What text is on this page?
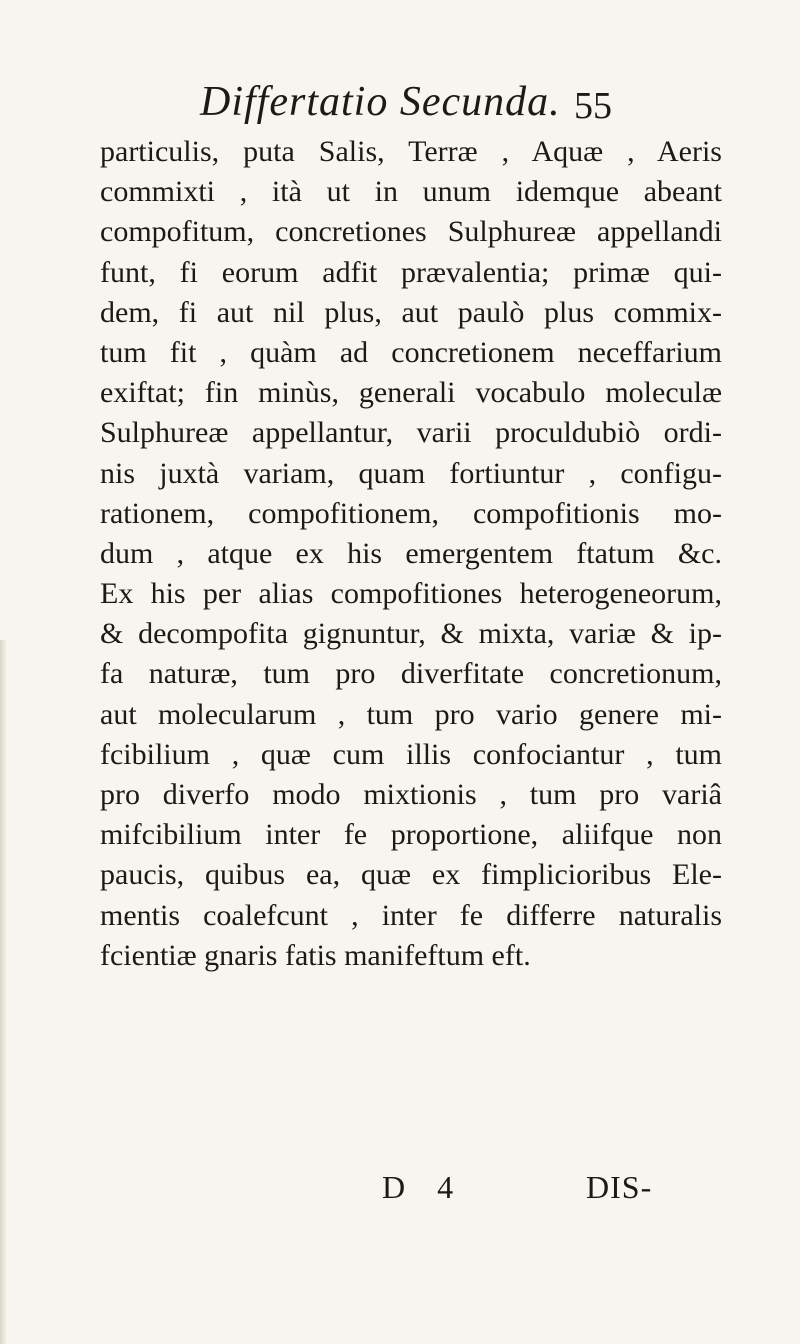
Differtatio Secunda. 55
particulis, puta Salis, Terræ , Aquæ , Aeris
commixti , ità ut in unum idemque abeant
compofitum, concretiones Sulphureæ appellandi
funt, fi eorum adfit prævalentia; primæ qui-
dem, fi aut nil plus, aut paulò plus commix-
tum fit , quàm ad concretionem neceffarium
exiftat; fin minùs, generali vocabulo moleculæ
Sulphureæ appellantur, varii proculdubiò ordi-
nis juxtà variam, quam fortiuntur , configu-
rationem, compofitionem, compofitionis mo-
dum , atque ex his emergentem ftatum &c.
Ex his per alias compofitiones heterogeneorum,
& decompofita gignuntur, & mixta, variæ & ip-
fa naturæ, tum pro diverfitate concretionum,
aut molecularum , tum pro vario genere mi-
fcibilium , quæ cum illis confociantur , tum
pro diverfo modo mixtionis , tum pro variâ
mifcibilium inter fe proportione, aliifque non
paucis, quibus ea, quæ ex fimplicioribus Ele-
mentis coalefcunt , inter fe differre naturalis
fcientiæ gnaris fatis manifeftum eft.
D 4	DIS-
